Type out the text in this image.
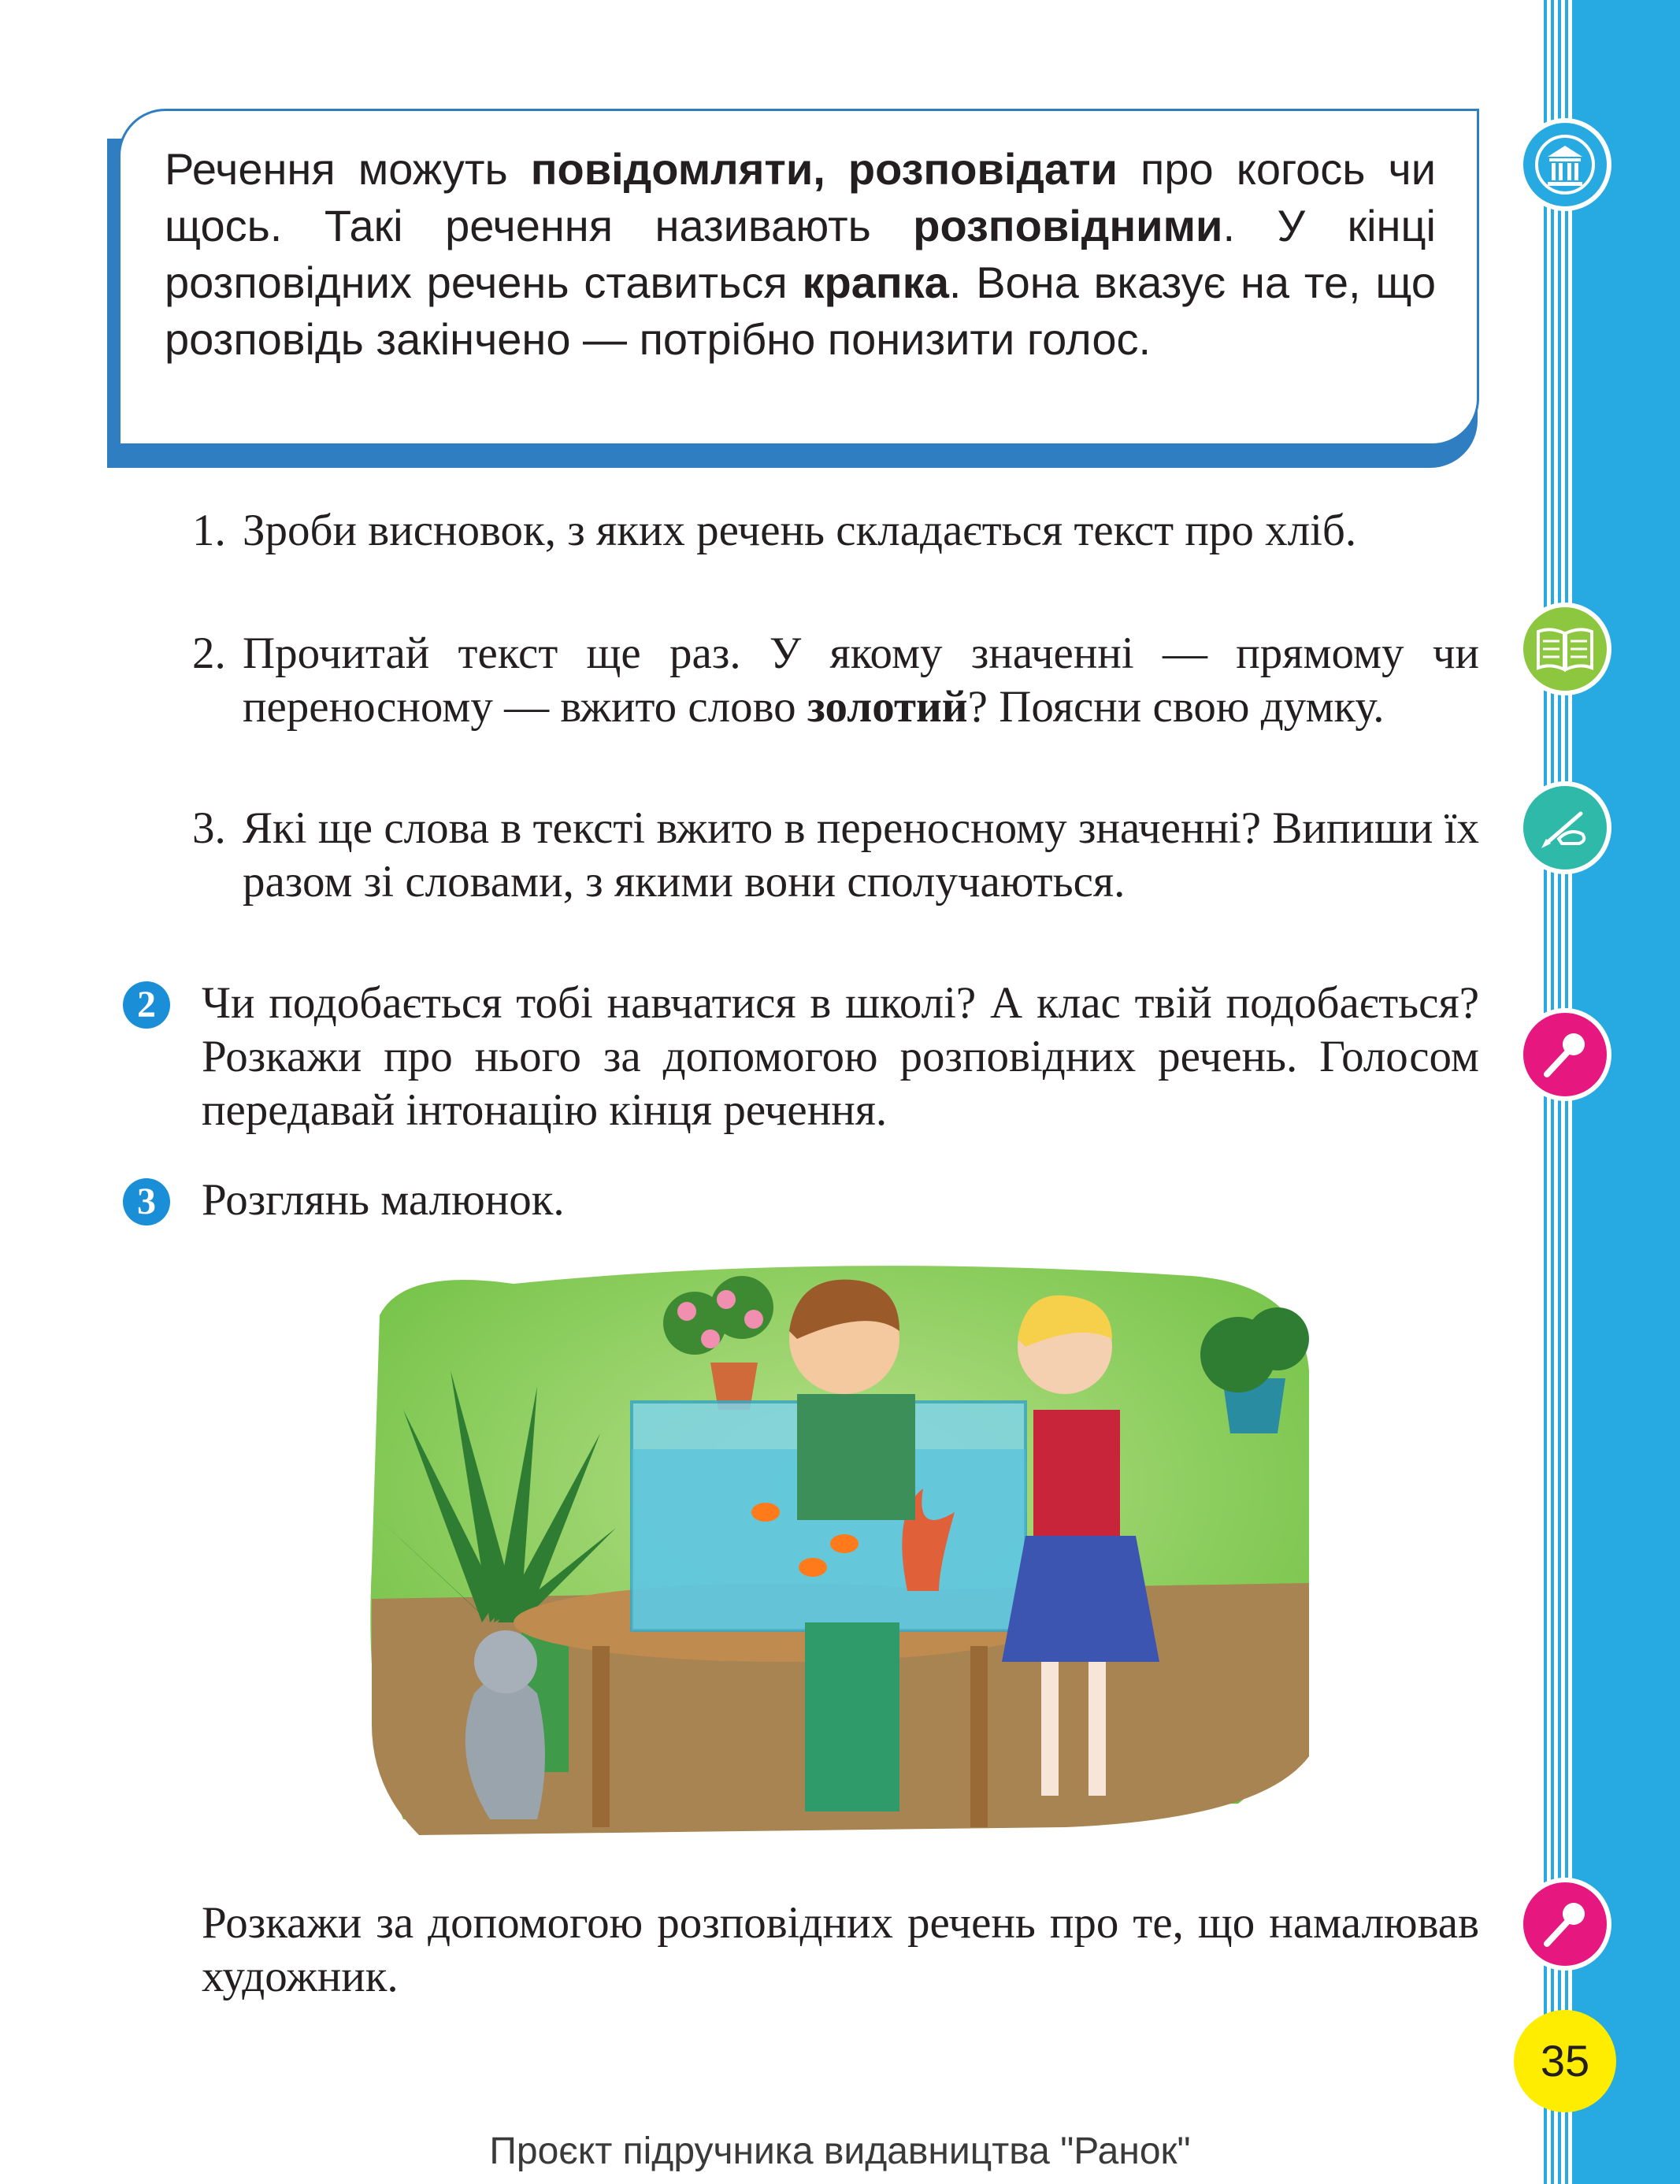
Речення можуть повідомляти, розповідати про когось чи щось. Такі речення називають розповідними. У кінці розповідних речень ставиться крапка. Вона вказує на те, що розповідь закінчено — потрібно понизити голос.

1. Зроби висновок, з яких речень складається текст про хліб.
2. Прочитай текст ще раз. У якому значенні — прямому чи переносному — вжито слово золотий? Поясни свою думку.
3. Які ще слова в тексті вжито в переносному значенні? Випиши їх разом зі словами, з якими вони сполучаються.
2	Чи подобається тобі навчатися в школі? А клас твій подобається? Розкажи про нього за допомогою розповідних речень. Голосом передавай інтонацію кінця речення.

3	Розглянь малюнок.

Розкажи за допомогою розповідних речень про те, що намалював художник.

35
Проєкт підручника видавництва "Ранок"
